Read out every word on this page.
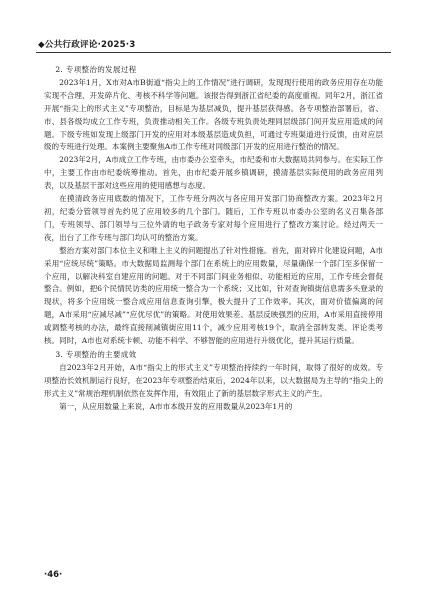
◆公共行政评论·2025·3
2. 专项整治的发展过程

2023年1月，X市对A市B街道“指尖上的工作情况”进行调研，发现现行使用的政务应用存在功能实现不合理、开发碎片化、考核不科学等问题。该报告得到浙江省纪委的高度重视。同年2月，浙江省开展“指尖上的形式主义”专项整治，目标是为基层减负，提升基层获得感。各专项整治部署后，省、市、县各级均成立工作专班，负责推动相关工作。各级专班负责处理同层级部门间开发应用造成的问题。下级专班如发现上级部门开发的应用对本级基层造成负担，可通过专班渠道进行反馈，由对应层级的专班进行处理。本案例主要聚焦A市工作专班对同级部门开发的应用进行整治的情况。

2023年2月，A市成立工作专班，由市委办公室牵头，市纪委和市大数据局共同参与。在实际工作中，主要工作由市纪委统筹推动。首先，由市纪委开展乡镇调研，摸清基层实际使用的政务应用列表，以及基层干部对这些应用的使用感想与态度。

在摸清政务应用底数的情况下，工作专班分两次与各应用开发部门协商整改方案。2023年2月初，纪委分管领导首先约见了应用较多的几个部门。随后，工作专班以市委办公室的名义召集各部门，专班领导、部门领导与三位外请的电子政务专家对每个应用进行了整改方案讨论。经过两天一夜，出台了工作专班与部门均认可的整治方案。

整治方案对部门本位主义和唯上主义的问题提出了针对性措施。首先，面对碎片化建设问题，A市采用“应统尽统”策略。市大数据局监测每个部门在系统上的应用数量，尽量确保一个部门至多保留一个应用，以解决科室自建应用的问题。对于不同部门间业务相似、功能相近的应用，工作专班会督促整合。例如，把6个民情民访类的应用统一整合为一个系统；又比如，针对查询镇街信息需多头登录的现状，将多个应用统一整合成应用信息查询引擎，极大提升了工作效率。其次，面对价值偏离的问题，A市采用“应减尽减”“应优尽优”的策略。对使用效果差、基层反映强烈的应用，A市采用直接停用或调整考核的办法，最终直接削减镇街应用11个，减少应用考核19个，取消全部转发类、评论类考核。同时，A市也对系统卡顿、功能不科学、不够智能的应用进行升级优化，提升其运行质量。

3. 专项整治的主要成效

自2023年2月开始，A市“指尖上的形式主义”专项整治持续约一年时间，取得了很好的成效。专项整治长效机制运行良好，在2023年专项整治结束后，2024年以来，以大数据局为主导的“指尖上的形式主义”常规治理机制依然在发挥作用，有效阻止了新的基层数字形式主义的产生。

第一，从应用数量上来说，A市市本级开发的应用数量从2023年1月的

·46·
